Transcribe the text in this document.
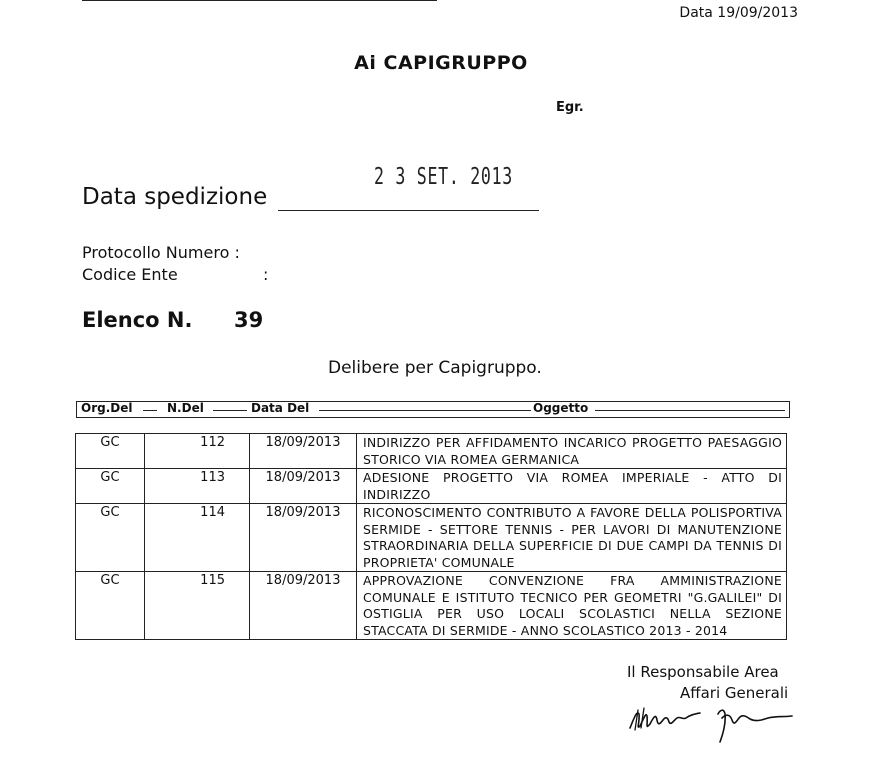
Data 19/09/2013
Ai CAPIGRUPPO
Egr.
2 3 SET. 2013
Data spedizione
Protocollo Numero :
Codice Ente	:
Elenco N. 39
Delibere per Capigruppo.
Org.Del	N.Del	Data Del	Oggetto
GC	112	18/09/2013	INDIRIZZO PER AFFIDAMENTO INCARICO PROGETTO PAESAGGIO STORICO VIA ROMEA GERMANICA
GC	113	18/09/2013	ADESIONE PROGETTO VIA ROMEA IMPERIALE - ATTO DI INDIRIZZO
GC	114	18/09/2013	RICONOSCIMENTO CONTRIBUTO A FAVORE DELLA POLISPORTIVA SERMIDE - SETTORE TENNIS - PER LAVORI DI MANUTENZIONE STRAORDINARIA DELLA SUPERFICIE DI DUE CAMPI DA TENNIS DI PROPRIETA' COMUNALE
GC	115	18/09/2013	APPROVAZIONE CONVENZIONE FRA AMMINISTRAZIONE COMUNALE E ISTITUTO TECNICO PER GEOMETRI "G.GALILEI" DI OSTIGLIA PER USO LOCALI SCOLASTICI NELLA SEZIONE STACCATA DI SERMIDE - ANNO SCOLASTICO 2013 - 2014
Il Responsabile Area
Affari Generali
